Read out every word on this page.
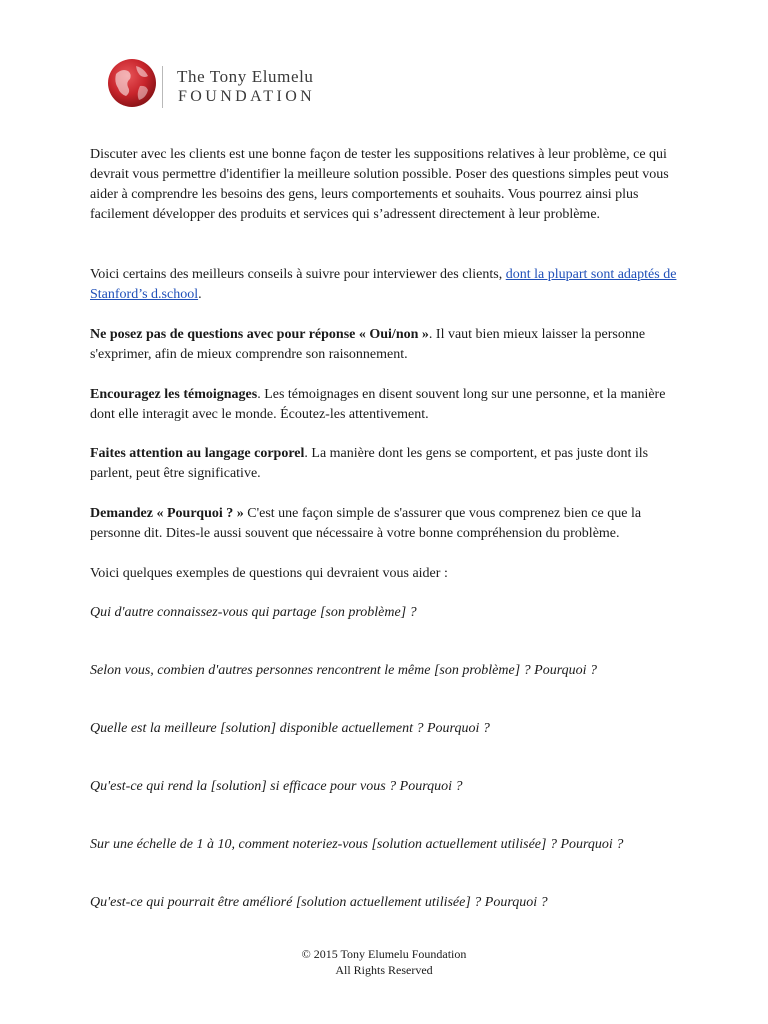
The Tony Elumelu
FOUNDATION

Discuter avec les clients est une bonne façon de tester les suppositions relatives à leur problème, ce qui devrait vous permettre d'identifier la meilleure solution possible. Poser des questions simples peut vous aider à comprendre les besoins des gens, leurs comportements et souhaits. Vous pourrez ainsi plus facilement développer des produits et services qui s’adressent directement à leur problème.

Voici certains des meilleurs conseils à suivre pour interviewer des clients, dont la plupart sont adaptés de Stanford’s d.school.

Ne posez pas de questions avec pour réponse « Oui/non ». Il vaut bien mieux laisser la personne s'exprimer, afin de mieux comprendre son raisonnement.

Encouragez les témoignages. Les témoignages en disent souvent long sur une personne, et la manière dont elle interagit avec le monde. Écoutez-les attentivement.

Faites attention au langage corporel. La manière dont les gens se comportent, et pas juste dont ils parlent, peut être significative.

Demandez « Pourquoi ? » C'est une façon simple de s'assurer que vous comprenez bien ce que la personne dit. Dites-le aussi souvent que nécessaire à votre bonne compréhension du problème.

Voici quelques exemples de questions qui devraient vous aider :

Qui d'autre connaissez-vous qui partage [son problème] ?

Selon vous, combien d'autres personnes rencontrent le même [son problème] ? Pourquoi ?

Quelle est la meilleure [solution] disponible actuellement ? Pourquoi ?

Qu'est-ce qui rend la [solution] si efficace pour vous ? Pourquoi ?

Sur une échelle de 1 à 10, comment noteriez-vous [solution actuellement utilisée] ? Pourquoi ?

Qu'est-ce qui pourrait être amélioré [solution actuellement utilisée] ? Pourquoi ?

© 2015 Tony Elumelu Foundation
All Rights Reserved
